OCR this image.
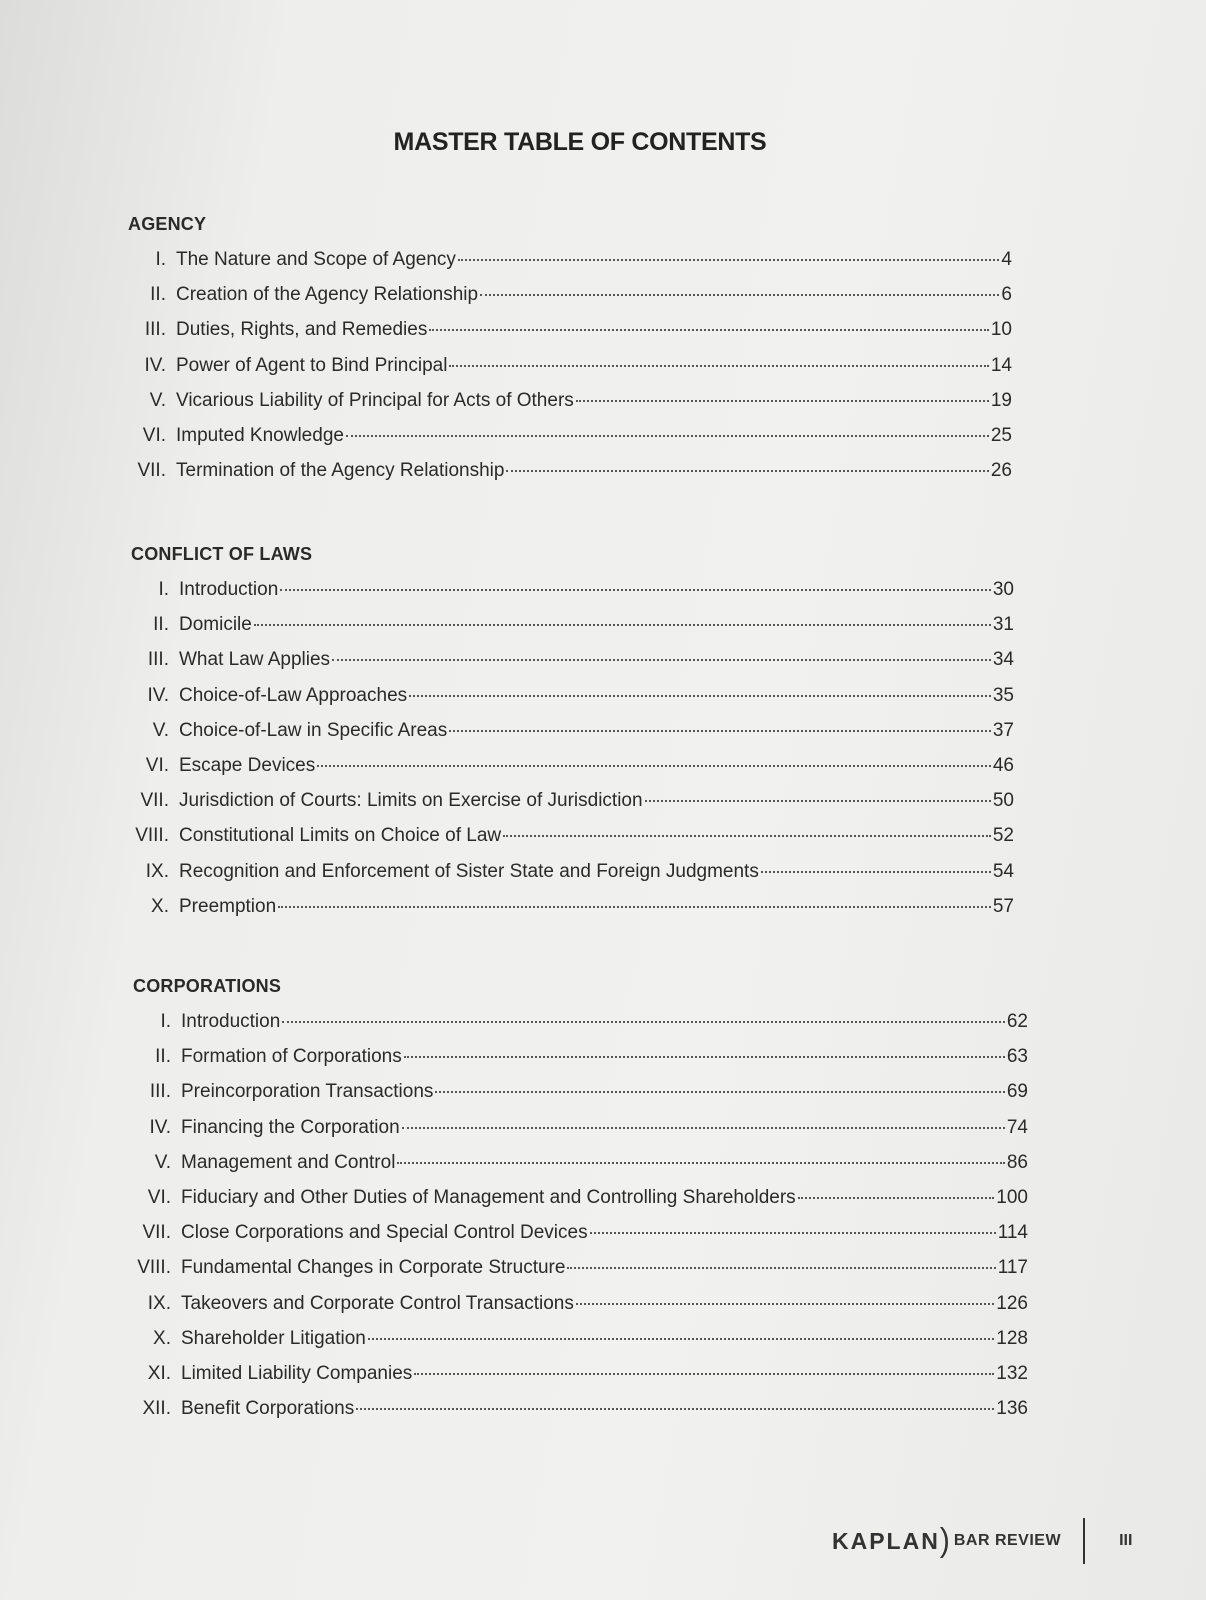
MASTER TABLE OF CONTENTS
AGENCY
I. The Nature and Scope of Agency	4
II. Creation of the Agency Relationship	6
III. Duties, Rights, and Remedies	10
IV. Power of Agent to Bind Principal	14
V. Vicarious Liability of Principal for Acts of Others	19
VI. Imputed Knowledge	25
VII. Termination of the Agency Relationship	26
CONFLICT OF LAWS
I. Introduction	30
II. Domicile	31
III. What Law Applies	34
IV. Choice-of-Law Approaches	35
V. Choice-of-Law in Specific Areas	37
VI. Escape Devices	46
VII. Jurisdiction of Courts: Limits on Exercise of Jurisdiction	50
VIII. Constitutional Limits on Choice of Law	52
IX. Recognition and Enforcement of Sister State and Foreign Judgments	54
X. Preemption	57
CORPORATIONS
I. Introduction	62
II. Formation of Corporations	63
III. Preincorporation Transactions	69
IV. Financing the Corporation	74
V. Management and Control	86
VI. Fiduciary and Other Duties of Management and Controlling Shareholders	100
VII. Close Corporations and Special Control Devices	114
VIII. Fundamental Changes in Corporate Structure	117
IX. Takeovers and Corporate Control Transactions	126
X. Shareholder Litigation	128
XI. Limited Liability Companies	132
XII. Benefit Corporations	136
KAPLAN ) BAR REVIEW	III
